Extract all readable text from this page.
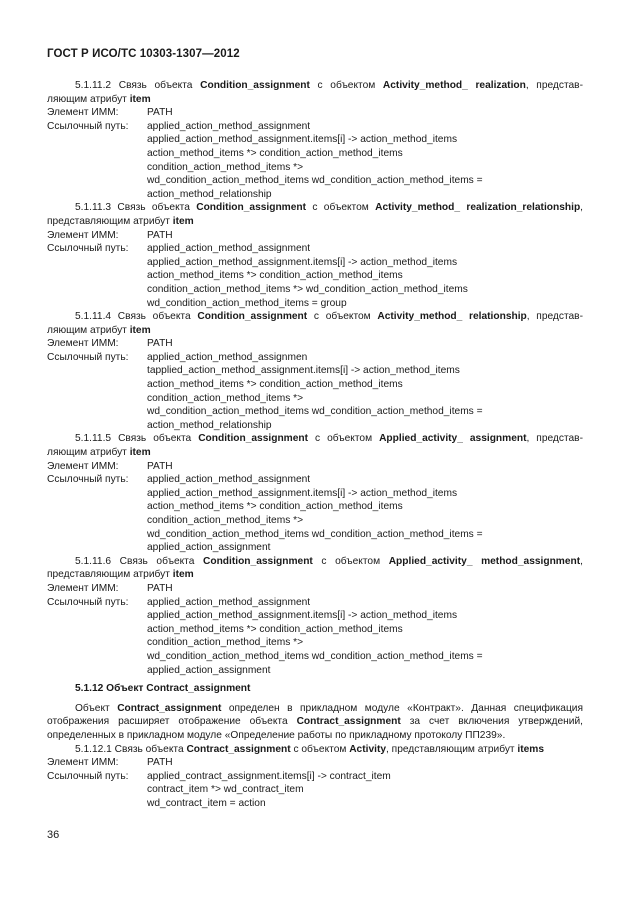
ГОСТ Р ИСО/ТС 10303-1307—2012

5.1.11.2 Связь объекта Condition_assignment с объектом Activity_method_ realization, представ-ляющим атрибут item

Элемент ИММ:	PATH
Ссылочный путь:	applied_action_method_assignment
applied_action_method_assignment.items[i] -> action_method_items
action_method_items *> condition_action_method_items
condition_action_method_items *>
wd_condition_action_method_items wd_condition_action_method_items =
action_method_relationship

5.1.11.3 Связь объекта Condition_assignment с объектом Activity_method_ realization_relationship, представляющим атрибут item

Элемент ИММ:	PATH
Ссылочный путь:	applied_action_method_assignment
applied_action_method_assignment.items[i] -> action_method_items
action_method_items *> condition_action_method_items
condition_action_method_items *> wd_condition_action_method_items
wd_condition_action_method_items = group

5.1.11.4 Связь объекта Condition_assignment с объектом Activity_method_ relationship, представ-ляющим атрибут item

Элемент ИММ:	PATH
Ссылочный путь:	applied_action_method_assignmen
tapplied_action_method_assignment.items[i] -> action_method_items
action_method_items *> condition_action_method_items
condition_action_method_items *>
wd_condition_action_method_items wd_condition_action_method_items =
action_method_relationship

5.1.11.5 Связь объекта Condition_assignment с объектом Applied_activity_ assignment, представ-ляющим атрибут item

Элемент ИММ:	PATH
Ссылочный путь:	applied_action_method_assignment
applied_action_method_assignment.items[i] -> action_method_items
action_method_items *> condition_action_method_items
condition_action_method_items *>
wd_condition_action_method_items wd_condition_action_method_items =
applied_action_assignment

5.1.11.6 Связь объекта Condition_assignment с объектом Applied_activity_ method_assignment, представляющим атрибут item

Элемент ИММ:	PATH
Ссылочный путь:	applied_action_method_assignment
applied_action_method_assignment.items[i] -> action_method_items
action_method_items *> condition_action_method_items
condition_action_method_items *>
wd_condition_action_method_items wd_condition_action_method_items =
applied_action_assignment
5.1.12 Объект Contract_assignment

Объект Contract_assignment определен в прикладном модуле «Контракт». Данная спецификация отображения расширяет отображение объекта Contract_assignment за счет включения утверждений, определенных в прикладном модуле «Определение работы по прикладному протоколу ПП239».

5.1.12.1 Связь объекта Contract_assignment с объектом Activity, представляющим атрибут items

Элемент ИММ:	PATH
Ссылочный путь:	applied_contract_assignment.items[i] -> contract_item
contract_item *> wd_contract_item
wd_contract_item = action
36
